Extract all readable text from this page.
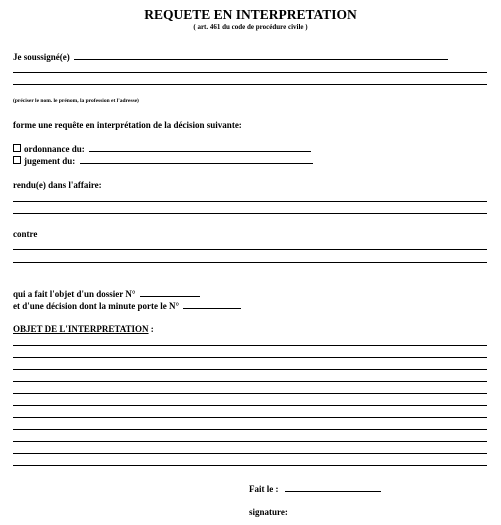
REQUETE EN INTERPRETATION
( art. 461 du code de procédure civile )
Je soussigné(e)
(préciser le nom. le prénom, la profession et l'adresse)
forme une requête en interprétation de la décision suivante:
ordonnance du:
jugement du:
rendu(e) dans l'affaire:
contre
qui a fait l'objet d'un dossier N°
et d'une décision dont la minute porte le N°
OBJET DE L'INTERPRETATION :
Fait le :
signature:
